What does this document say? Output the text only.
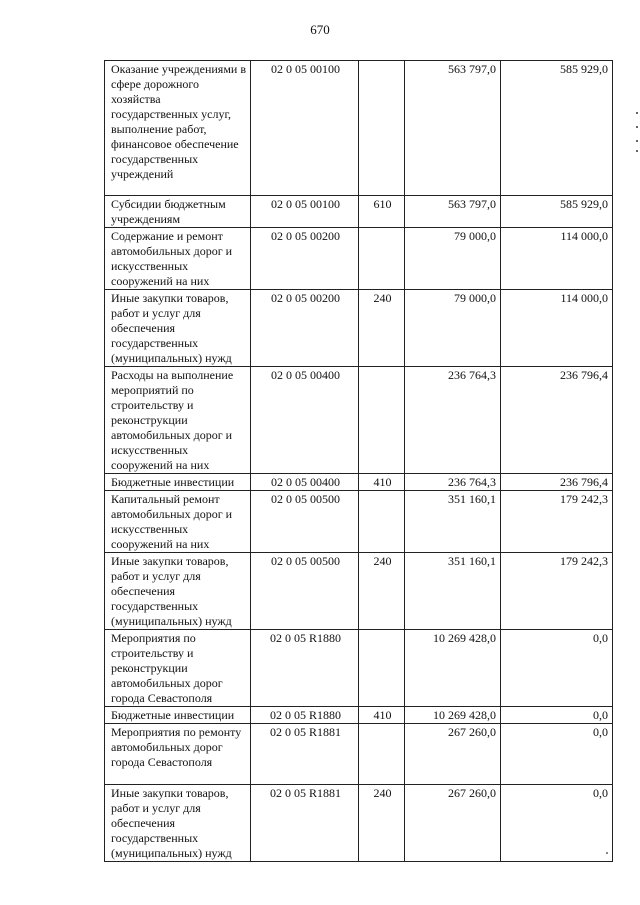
670
Оказание учреждениями в сфере дорожного хозяйства государственных услуг, выполнение работ, финансовое обеспечение государственных учреждений	02 0 05 00100		563 797,0	585 929,0
Субсидии бюджетным учреждениям	02 0 05 00100	610	563 797,0	585 929,0
Содержание и ремонт автомобильных дорог и искусственных сооружений на них	02 0 05 00200		79 000,0	114 000,0
Иные закупки товаров, работ и услуг для обеспечения государственных (муниципальных) нужд	02 0 05 00200	240	79 000,0	114 000,0
Расходы на выполнение мероприятий по строительству и реконструкции автомобильных дорог и искусственных сооружений на них	02 0 05 00400		236 764,3	236 796,4
Бюджетные инвестиции	02 0 05 00400	410	236 764,3	236 796,4
Капитальный ремонт автомобильных дорог и искусственных сооружений на них	02 0 05 00500		351 160,1	179 242,3
Иные закупки товаров, работ и услуг для обеспечения государственных (муниципальных) нужд	02 0 05 00500	240	351 160,1	179 242,3
Мероприятия по строительству и реконструкции автомобильных дорог города Севастополя	02 0 05 R1880		10 269 428,0	0,0
Бюджетные инвестиции	02 0 05 R1880	410	10 269 428,0	0,0
Мероприятия по ремонту автомобильных дорог города Севастополя	02 0 05 R1881		267 260,0	0,0
Иные закупки товаров, работ и услуг для обеспечения государственных (муниципальных) нужд	02 0 05 R1881	240	267 260,0	0,0
